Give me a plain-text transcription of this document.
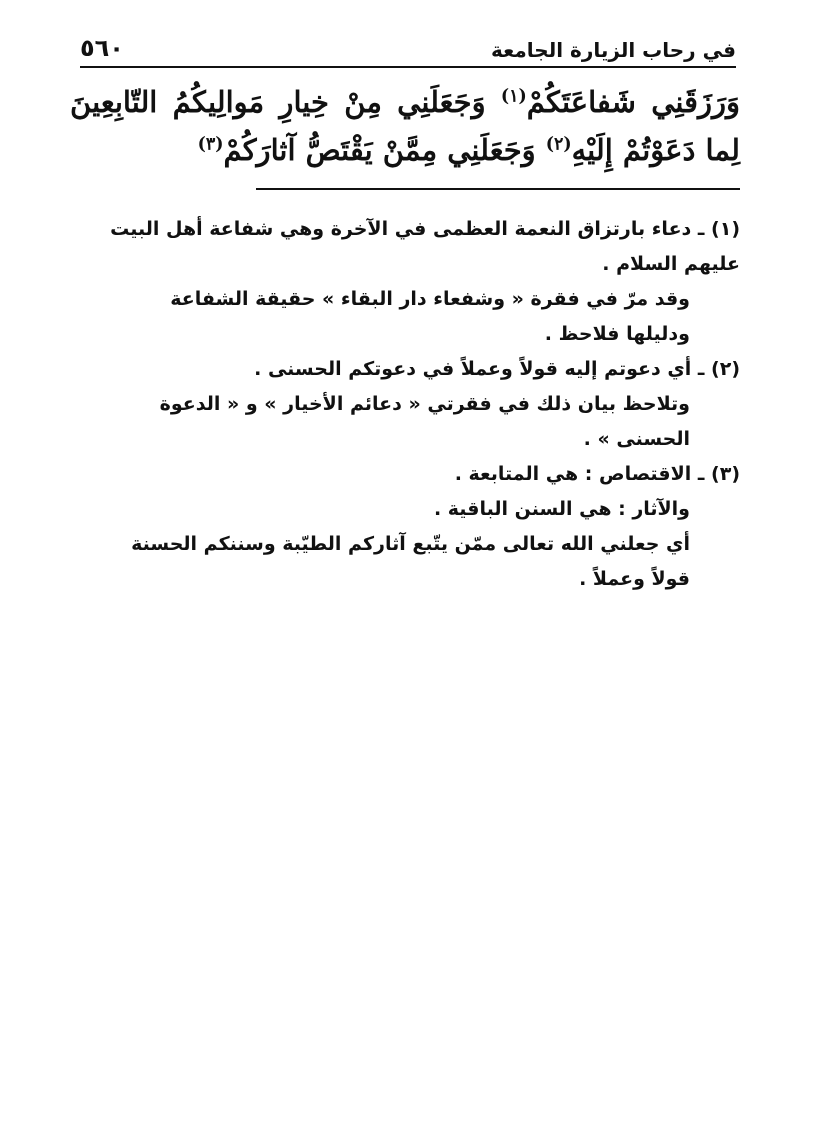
٥٦٠	في رحاب الزيارة الجامعة
وَرَزَقَنِي شَفاعَتَكُمْ$^{(١)}$ وَجَعَلَنِي مِنْ خِيارِ مَوالِيكُمُ التّابِعِينَ لِما دَعَوْتُمْ إِلَيْهِ$^{(٢)}$ وَجَعَلَنِي مِمَّنْ يَقْتَصُّ آثارَكُمْ$^{(٣)}$

(١) ـ دعاء بارتزاق النعمة العظمى في الآخرة وهي شفاعة أهل البيت عليهم السلام .

وقد مرّ في فقرة « وشفعاء دار البقاء » حقيقة الشفاعة ودليلها فلاحظ .

(٢) ـ أي دعوتم إليه قولاً وعملاً في دعوتكم الحسنى .

وتلاحظ بيان ذلك في فقرتي « دعائم الأخيار » و « الدعوة الحسنى » .

(٣) ـ الاقتصاص : هي المتابعة .

والآثار : هي السنن الباقية .

أي جعلني الله تعالى ممّن يتّبع آثاركم الطيّبة وسننكم الحسنة قولاً وعملاً .
